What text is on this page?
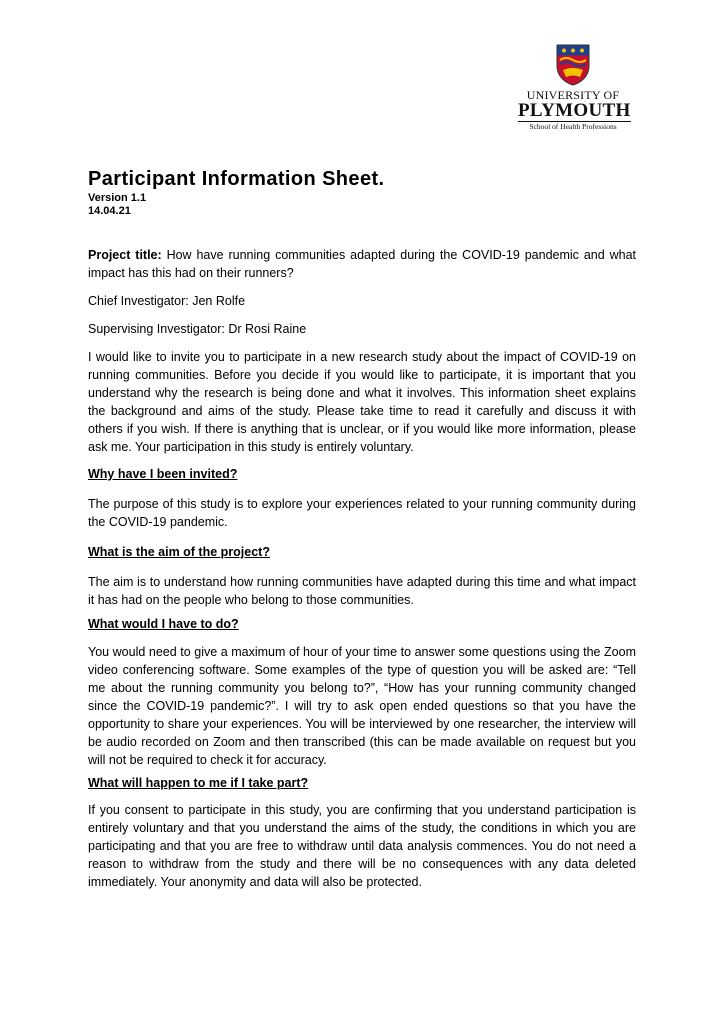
UNIVERSITY OF
PLYMOUTH
School of Health Professions
Participant Information Sheet.
Version 1.1
14.04.21

Project title: How have running communities adapted during the COVID-19 pandemic and what impact has this had on their runners?

Chief Investigator: Jen Rolfe

Supervising Investigator: Dr Rosi Raine

I would like to invite you to participate in a new research study about the impact of COVID-19 on running communities. Before you decide if you would like to participate, it is important that you understand why the research is being done and what it involves. This information sheet explains the background and aims of the study. Please take time to read it carefully and discuss it with others if you wish. If there is anything that is unclear, or if you would like more information, please ask me. Your participation in this study is entirely voluntary.

Why have I been invited?

The purpose of this study is to explore your experiences related to your running community during the COVID-19 pandemic.

What is the aim of the project?

The aim is to understand how running communities have adapted during this time and what impact it has had on the people who belong to those communities.

What would I have to do?

You would need to give a maximum of hour of your time to answer some questions using the Zoom video conferencing software. Some examples of the type of question you will be asked are: “Tell me about the running community you belong to?”, “How has your running community changed since the COVID-19 pandemic?”. I will try to ask open ended questions so that you have the opportunity to share your experiences. You will be interviewed by one researcher, the interview will be audio recorded on Zoom and then transcribed (this can be made available on request but you will not be required to check it for accuracy.

What will happen to me if I take part?

If you consent to participate in this study, you are confirming that you understand participation is entirely voluntary and that you understand the aims of the study, the conditions in which you are participating and that you are free to withdraw until data analysis commences. You do not need a reason to withdraw from the study and there will be no consequences with any data deleted immediately. Your anonymity and data will also be protected.
